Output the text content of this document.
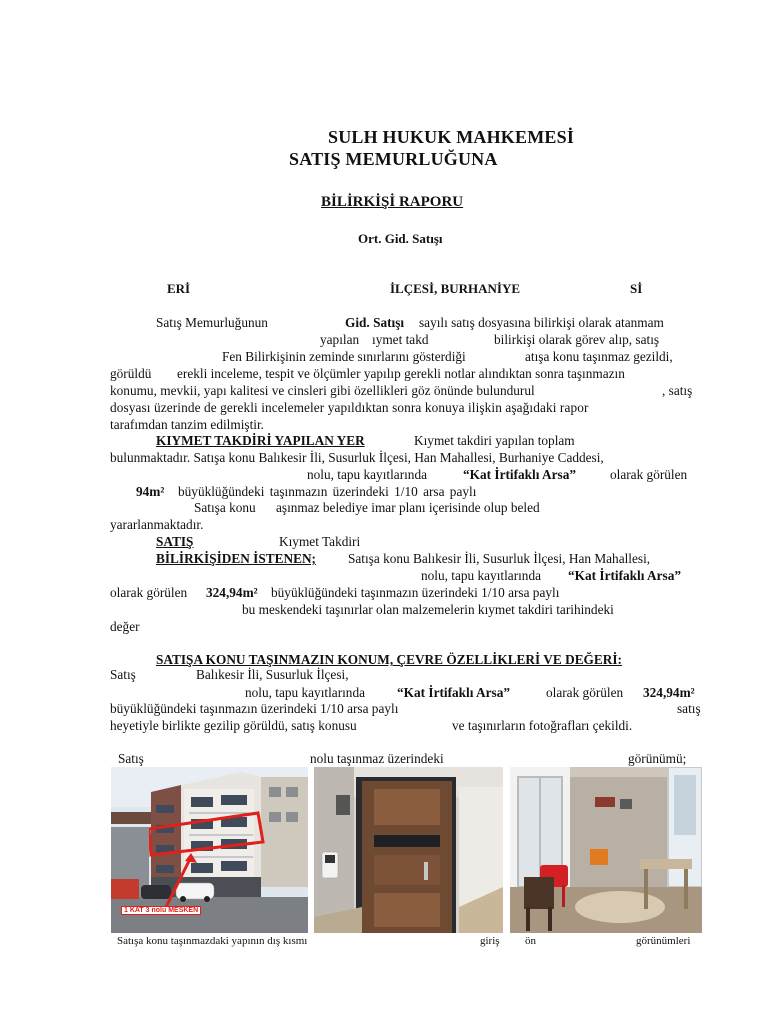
SULH HUKUK MAHKEMESİ
SATIŞ MEMURLUĞUNA
BİLİRKİŞİ RAPORU
Ort. Gid. Satışı
ERİ	İLÇESİ, BURHANİYE	Sİ
Satış Memurluğunun	Gid. Satışı sayılı satış dosyasına bilirkişi olarak atanmam
yapılan ıymet takd	bilirkişi olarak görev alıp, satış
Fen Bilirkişinin zeminde sınırlarını gösterdiği	atışa konu taşınmaz gezildi,
görüldü erekli inceleme, tespit ve ölçümler yapılıp gerekli notlar alındıktan sonra taşınmazın
konumu, mevkii, yapı kalitesi ve cinsleri gibi özellikleri göz önünde bulundurul	, satış
dosyası üzerinde de gerekli incelemeler yapıldıktan sonra konuya ilişkin aşağıdaki rapor
tarafımdan tanzim edilmiştir.
KIYMET TAKDİRİ YAPILAN YER	Kıymet takdiri yapılan toplam
bulunmaktadır. Satışa konu Balıkesir İli, Susurluk İlçesi, Han Mahallesi, Burhaniye Caddesi,
nolu, tapu kayıtlarında	“Kat İrtifaklı Arsa”	olarak görülen
94m² büyüklüğündeki taşınmazın üzerindeki 1/10 arsa paylı
Satışa konu aşınmaz belediye imar planı içerisinde olup beled
yararlanmaktadır.
SATIŞ	Kıymet Takdiri
BİLİRKİŞİDEN İSTENEN; Satışa konu Balıkesir İli, Susurluk İlçesi, Han Mahallesi,
nolu, tapu kayıtlarında “Kat İrtifaklı Arsa”
olarak görülen 324,94m² büyüklüğündeki taşınmazın üzerindeki 1/10 arsa paylı
bu meskendeki taşınırlar olan malzemelerin kıymet takdiri tarihindeki
değer
SATIŞA KONU TAŞINMAZIN KONUM, ÇEVRE ÖZELLİKLERİ VE DEĞERİ:
Satış	Balıkesir İli, Susurluk İlçesi,
nolu, tapu kayıtlarında “Kat İrtifaklı Arsa”	olarak görülen 324,94m²
büyüklüğündeki taşınmazın üzerindeki 1/10 arsa paylı	satış
heyetiyle birlikte gezilip görüldü, satış konusu	ve taşınırların fotoğrafları çekildi.
Satış	nolu taşınmaz üzerindeki	görünümü;
1 KAT 3 nolu MESKEN
Satışa konu taşınmazdaki yapının dış kısmı	giriş ön	görünümleri
